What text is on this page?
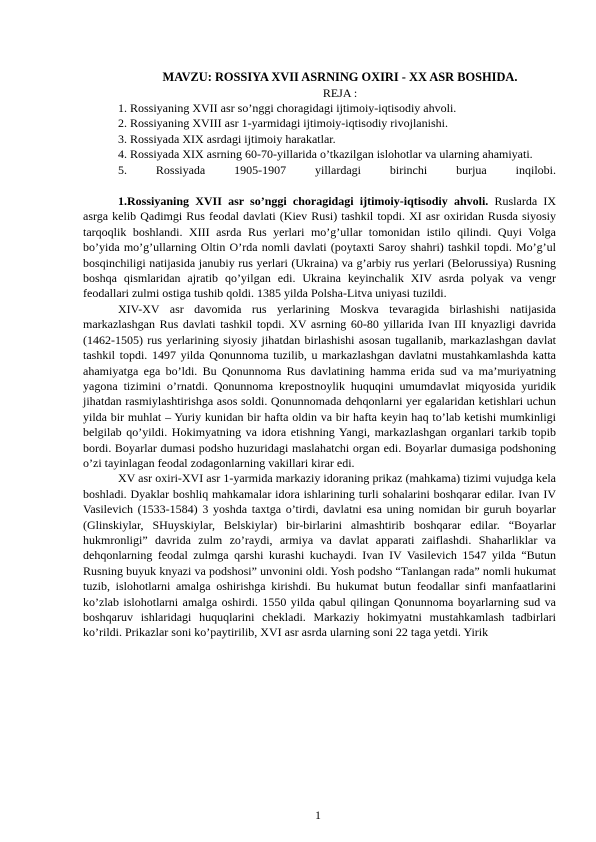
MAVZU: ROSSIYA XVII ASRNING OXIRI - XX ASR BOSHIDA.
REJA :

1. Rossiyaning XVII asr so’nggi choragidagi ijtimoiy-iqtisodiy ahvoli.

2. Rossiyaning XVIII asr 1-yarmidagi ijtimoiy-iqtisodiy rivojlanishi.

3. Rossiyada XIX asrdagi ijtimoiy harakatlar.

4. Rossiyada XIX asrning 60-70-yillarida o’tkazilgan islohotlar va ularning ahamiyati.

5. Rossiyada 1905-1907 yillardagi birinchi burjua inqilobi.

1.Rossiyaning XVII asr so’nggi choragidagi ijtimoiy-iqtisodiy ahvoli. Ruslarda IX asrga kelib Qadimgi Rus feodal davlati (Kiev Rusi) tashkil topdi. XI asr oxiridan Rusda siyosiy tarqoqlik boshlandi. XIII asrda Rus yerlari mo’g’ullar tomonidan istilo qilindi. Quyi Volga bo’yida mo’g’ullarning Oltin O’rda nomli davlati (poytaxti Saroy shahri) tashkil topdi. Mo’g’ul bosqinchiligi natijasida janubiy rus yerlari (Ukraina) va g’arbiy rus yerlari (Belorussiya) Rusning boshqa qismlaridan ajratib qo’yilgan edi. Ukraina keyinchalik XIV asrda polyak va vengr feodallari zulmi ostiga tushib qoldi. 1385 yilda Polsha-Litva uniyasi tuzildi.

XIV-XV asr davomida rus yerlarining Moskva tevaragida birlashishi natijasida markazlashgan Rus davlati tashkil topdi. XV asrning 60-80 yillarida Ivan III knyazligi davrida (1462-1505) rus yerlarining siyosiy jihatdan birlashishi asosan tugallanib, markazlashgan davlat tashkil topdi. 1497 yilda Qonunnoma tuzilib, u markazlashgan davlatni mustahkamlashda katta ahamiyatga ega bo’ldi. Bu Qonunnoma Rus davlatining hamma erida sud va ma’muriyatning yagona tizimini o’rnatdi. Qonunnoma krepostnoylik huquqini umumdavlat miqyosida yuridik jihatdan rasmiylashtirishga asos soldi. Qonunnomada dehqonlarni yer egalaridan ketishlari uchun yilda bir muhlat – Yuriy kunidan bir hafta oldin va bir hafta keyin haq to’lab ketishi mumkinligi belgilab qo’yildi. Hokimyatning va idora etishning Yangi, markazlashgan organlari tarkib topib bordi. Boyarlar dumasi podsho huzuridagi maslahatchi organ edi. Boyarlar dumasiga podshoning o’zi tayinlagan feodal zodagonlarning vakillari kirar edi.

XV asr oxiri-XVI asr 1-yarmida markaziy idoraning prikaz (mahkama) tizimi vujudga kela boshladi. Dyaklar boshliq mahkamalar idora ishlarining turli sohalarini boshqarar edilar. Ivan IV Vasilevich (1533-1584) 3 yoshda taxtga o’tirdi, davlatni esa uning nomidan bir guruh boyarlar (Glinskiylar, SHuyskiylar, Belskiylar) bir-birlarini almashtirib boshqarar edilar. “Boyarlar hukmronligi” davrida zulm zo’raydi, armiya va davlat apparati zaiflashdi. Shaharliklar va dehqonlarning feodal zulmga qarshi kurashi kuchaydi. Ivan IV Vasilevich 1547 yilda “Butun Rusning buyuk knyazi va podshosi” unvonini oldi. Yosh podsho “Tanlangan rada” nomli hukumat tuzib, islohotlarni amalga oshirishga kirishdi. Bu hukumat butun feodallar sinfi manfaatlarini ko’zlab islohotlarni amalga oshirdi. 1550 yilda qabul qilingan Qonunnoma boyarlarning sud va boshqaruv ishlaridagi huquqlarini chekladi. Markaziy hokimyatni mustahkamlash tadbirlari ko’rildi. Prikazlar soni ko’paytirilib, XVI asr asrda ularning soni 22 taga yetdi. Yirik

1
